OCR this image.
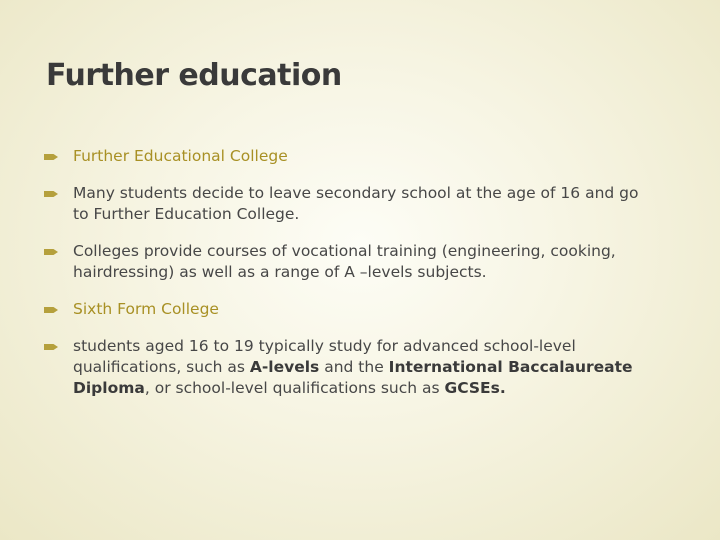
Further education
Further Educational College
Many students decide to leave secondary school at the age of 16 and go to Further Education College.
Colleges provide courses of vocational training (engineering, cooking, hairdressing) as well as a range of A –levels subjects.
Sixth Form College
students aged 16 to 19 typically study for advanced school-level qualifications, such as A-levels and the International Baccalaureate Diploma, or school-level qualifications such as GCSEs.
